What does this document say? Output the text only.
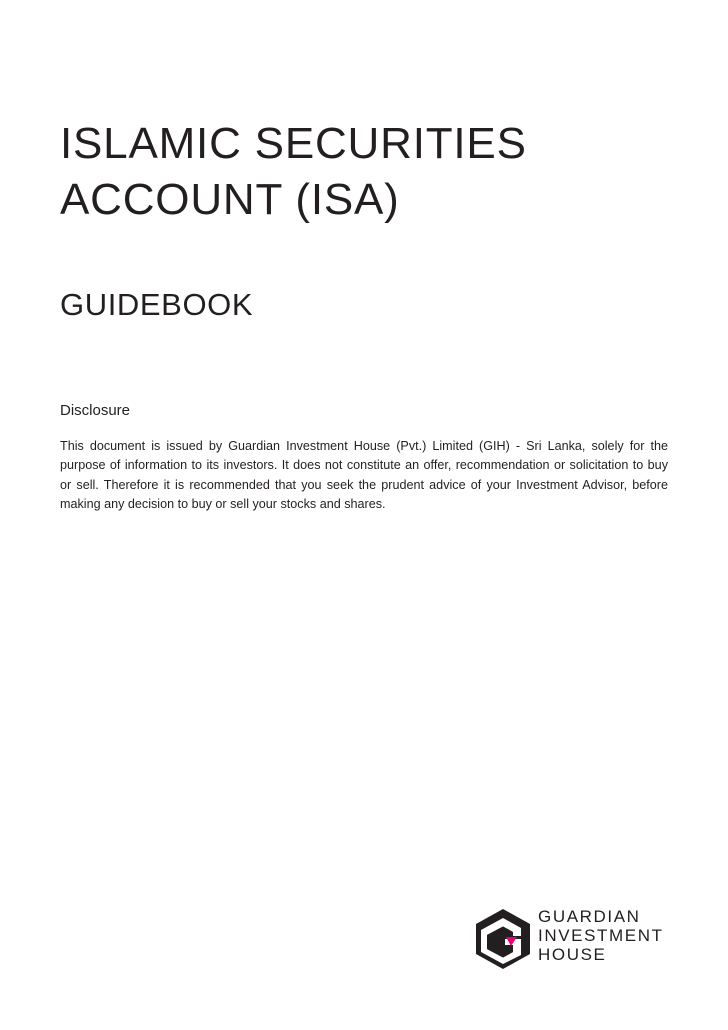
ISLAMIC SECURITIES
ACCOUNT (ISA)
GUIDEBOOK
Disclosure

This document is issued by Guardian Investment House (Pvt.) Limited (GIH) - Sri Lanka, solely for the purpose of information to its investors. It does not constitute an offer, recommendation or solicitation to buy or sell. Therefore it is recommended that you seek the prudent advice of your Investment Advisor, before making any decision to buy or sell your stocks and shares.

GUARDIAN
INVESTMENT
HOUSE
